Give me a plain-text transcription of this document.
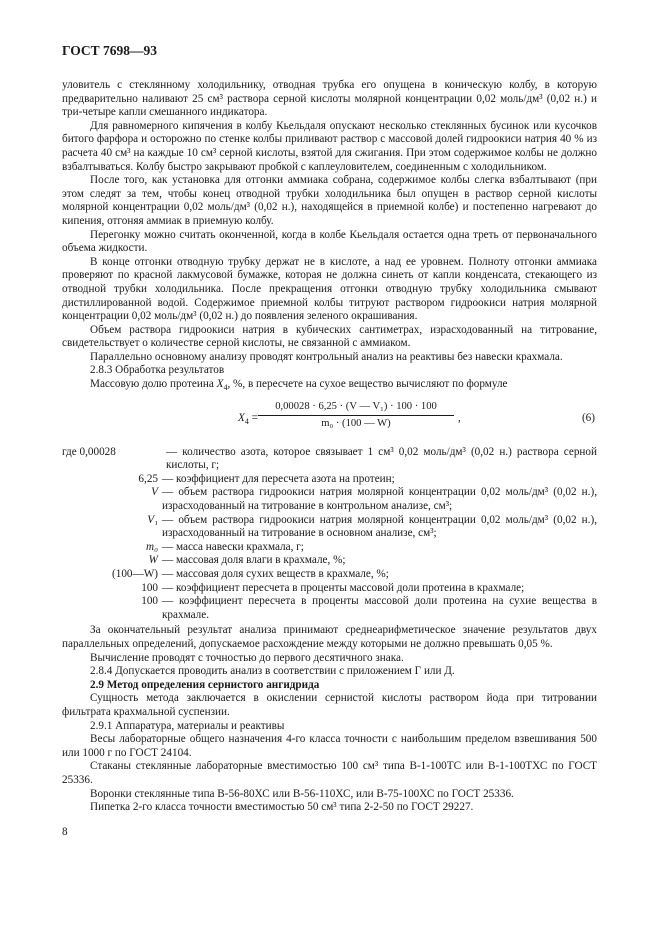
ГОСТ 7698—93

уловитель с стеклянному холодильнику, отводная трубка его опущена в коническую колбу, в которую предварительно наливают 25 см³ раствора серной кислоты молярной концентрации 0,02 моль/дм³ (0,02 н.) и три-четыре капли смешанного индикатора.

Для равномерного кипячения в колбу Кьельдаля опускают несколько стеклянных бусинок или кусочков битого фарфора и осторожно по стенке колбы приливают раствор с массовой долей гидроокиси натрия 40 % из расчета 40 см³ на каждые 10 см³ серной кислоты, взятой для сжигания. При этом содержимое колбы не должно взбалтываться. Колбу быстро закрывают пробкой с каплеуловителем, соединенным с холодильником.

После того, как установка для отгонки аммиака собрана, содержимое колбы слегка взбалтывают (при этом следят за тем, чтобы конец отводной трубки холодильника был опущен в раствор серной кислоты молярной концентрации 0,02 моль/дм³ (0,02 н.), находящейся в приемной колбе) и постепенно нагревают до кипения, отгоняя аммиак в приемную колбу.

Перегонку можно считать оконченной, когда в колбе Кьельдаля остается одна треть от первоначального объема жидкости.

В конце отгонки отводную трубку держат не в кислоте, а над ее уровнем. Полноту отгонки аммиака проверяют по красной лакмусовой бумажке, которая не должна синеть от капли конденсата, стекающего из отводной трубки холодильника. После прекращения отгонки отводную трубку холодильника смывают дистиллированной водой. Содержимое приемной колбы титруют раствором гидроокиси натрия молярной концентрации 0,02 моль/дм³ (0,02 н.) до появления зеленого окрашивания.

Объем раствора гидроокиси натрия в кубических сантиметрах, израсходованный на титрование, свидетельствует о количестве серной кислоты, не связанной с аммиаком.

Параллельно основному анализу проводят контрольный анализ на реактивы без навески крахмала.

2.8.3 Обработка результатов

Массовую долю протеина $X_4$, %, в пересчете на сухое вещество вычисляют по формуле

$X_4$ =
0,00028 · 6,25 · (V — V₁) · 100 · 100
m₀ · (100 — W)
,	(6)
где 0,00028	— количество азота, которое связывает 1 см³ 0,02 моль/дм³ (0,02 н.) раствора серной кислоты, г;
6,25 — коэффициент для пересчета азота на протеин;
V — объем раствора гидроокиси натрия молярной концентрации 0,02 моль/дм³ (0,02 н.), израсходованный на титрование в контрольном анализе, см³;
V₁ — объем раствора гидроокиси натрия молярной концентрации 0,02 моль/дм³ (0,02 н.), израсходованный на титрование в основном анализе, см³;
m₀ — масса навески крахмала, г;
W — массовая доля влаги в крахмале, %;
(100—W) — массовая доля сухих веществ в крахмале, %;
100 — коэффициент пересчета в проценты массовой доли протеина в крахмале;
100 — коэффициент пересчета в проценты массовой доли протеина на сухие вещества в крахмале.

За окончательный результат анализа принимают среднеарифметическое значение результатов двух параллельных определений, допускаемое расхождение между которыми не должно превышать 0,05 %.

Вычисление проводят с точностью до первого десятичного знака.

2.8.4 Допускается проводить анализ в соответствии с приложением Г или Д.

2.9 Метод определения сернистого ангидрида

Сущность метода заключается в окислении сернистой кислоты раствором йода при титровании фильтрата крахмальной суспензии.

2.9.1 Аппаратура, материалы и реактивы

Весы лабораторные общего назначения 4-го класса точности с наибольшим пределом взвешивания 500 или 1000 г по ГОСТ 24104.

Стаканы стеклянные лабораторные вместимостью 100 см³ типа В-1-100ТС или В-1-100ТХС по ГОСТ 25336.

Воронки стеклянные типа В-56-80ХС или В-56-110ХС, или В-75-100ХС по ГОСТ 25336.

Пипетка 2-го класса точности вместимостью 50 см³ типа 2-2-50 по ГОСТ 29227.

8
